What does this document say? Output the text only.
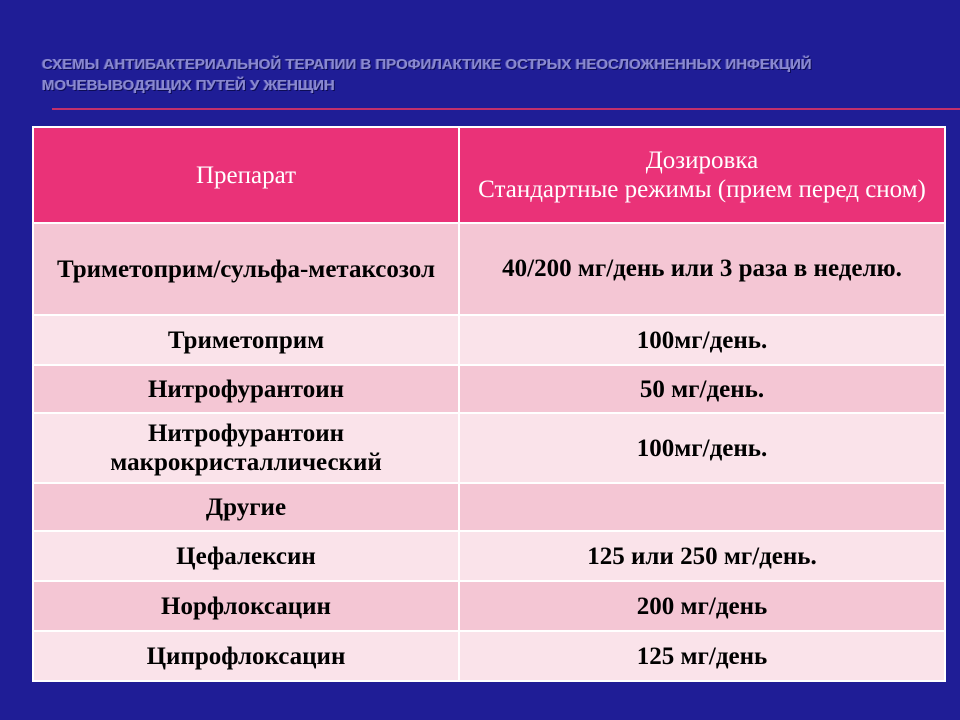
СХЕМЫ АНТИБАКТЕРИАЛЬНОЙ ТЕРАПИИ В ПРОФИЛАКТИКЕ ОСТРЫХ НЕОСЛОЖНЕННЫХ ИНФЕКЦИЙ МОЧЕВЫВОДЯЩИХ ПУТЕЙ У ЖЕНЩИН
Препарат	Дозировка
Стандартные режимы (прием перед сном)

Триметоприм/сульфа-метаксозол	40/200 мг/день или 3 раза в неделю.
Триметоприм	100мг/день.
Нитрофурантоин	50 мг/день.
Нитрофурантоин макрокристаллический	100мг/день.
Другие	
Цефалексин	125 или 250 мг/день.
Норфлоксацин	200 мг/день
Ципрофлоксацин	125 мг/день
